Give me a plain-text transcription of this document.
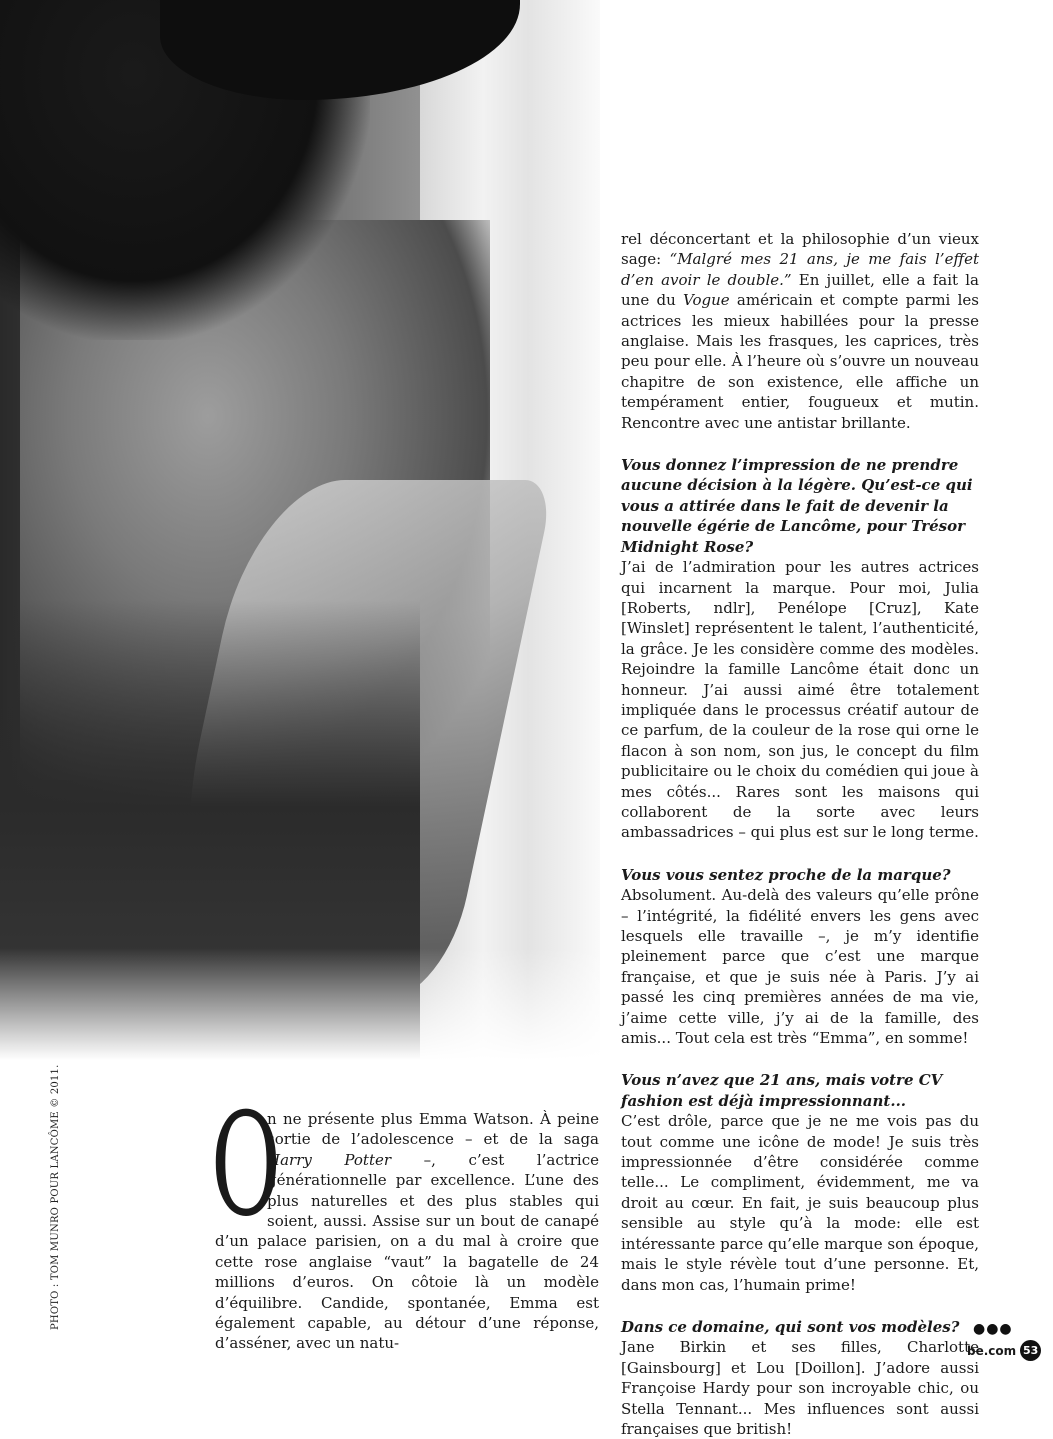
PHOTO : TOM MUNRO POUR LANCÔME © 2011.

rel déconcertant et la philosophie d’un vieux sage: “Malgré mes 21 ans, je me fais l’effet d’en avoir le double.” En juillet, elle a fait la une du Vogue américain et compte parmi les actrices les mieux habillées pour la presse anglaise. Mais les frasques, les caprices, très peu pour elle. À l’heure où s’ouvre un nouveau chapitre de son existence, elle affiche un tempérament entier, fougueux et mutin. Rencontre avec une antistar brillante.

Vous donnez l’impression de ne prendre aucune décision à la légère. Qu’est-ce qui vous a attirée dans le fait de devenir la nouvelle égérie de Lancôme, pour Trésor Midnight Rose?

J’ai de l’admiration pour les autres actrices qui incarnent la marque. Pour moi, Julia [Roberts, ndlr], Penélope [Cruz], Kate [Winslet] représentent le talent, l’authenticité, la grâce. Je les considère comme des modèles. Rejoindre la famille Lancôme était donc un honneur. J’ai aussi aimé être totalement impliquée dans le processus créatif autour de ce parfum, de la couleur de la rose qui orne le flacon à son nom, son jus, le concept du film publicitaire ou le choix du comédien qui joue à mes côtés... Rares sont les maisons qui collaborent de la sorte avec leurs ambassadrices – qui plus est sur le long terme.

Vous vous sentez proche de la marque?

Absolument. Au-delà des valeurs qu’elle prône – l’intégrité, la fidélité envers les gens avec lesquels elle travaille –, je m’y identifie pleinement parce que c’est une marque française, et que je suis née à Paris. J’y ai passé les cinq premières années de ma vie, j’aime cette ville, j’y ai de la famille, des amis... Tout cela est très “Emma”, en somme!

Vous n’avez que 21 ans, mais votre CV fashion est déjà impressionnant...

C’est drôle, parce que je ne me vois pas du tout comme une icône de mode! Je suis très impressionnée d’être considérée comme telle... Le compliment, évidemment, me va droit au cœur. En fait, je suis beaucoup plus sensible au style qu’à la mode: elle est intéressante parce qu’elle marque son époque, mais le style révèle tout d’une personne. Et, dans mon cas, l’humain prime!

Dans ce domaine, qui sont vos modèles?

Jane Birkin et ses filles, Charlotte [Gainsbourg] et Lou [Doillon]. J’adore aussi Françoise Hardy pour son incroyable chic, ou Stella Tennant... Mes influences sont aussi françaises que british!

O
n ne présente plus Emma Watson. À peine sortie de l’adolescence – et de la saga Harry Potter –, c’est l’actrice générationnelle par excellence. L’une des plus naturelles et des plus stables qui soient, aussi. Assise sur un bout de canapé d’un palace parisien, on a du mal à croire que cette rose anglaise “vaut” la bagatelle de 24 millions d’euros. On côtoie là un modèle d’équilibre. Candide, spontanée, Emma est également capable, au détour d’une réponse, d’asséner, avec un natu-
●●●
be.com 53
